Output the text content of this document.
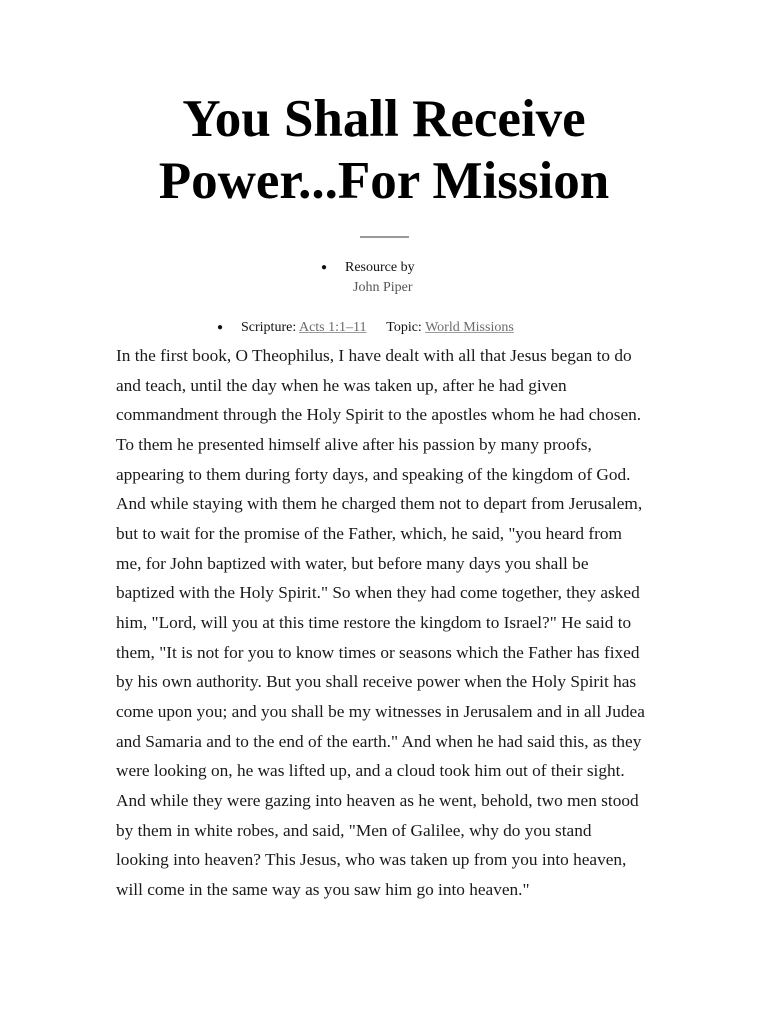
You Shall Receive
Power...For Mission
● Resource by
John Piper
● Scripture: Acts 1:1–11 Topic: World Missions

In the first book, O Theophilus, I have dealt with all that Jesus began to do
and teach, until the day when he was taken up, after he had given
commandment through the Holy Spirit to the apostles whom he had chosen.
To them he presented himself alive after his passion by many proofs,
appearing to them during forty days, and speaking of the kingdom of God.
And while staying with them he charged them not to depart from Jerusalem,
but to wait for the promise of the Father, which, he said, "you heard from
me, for John baptized with water, but before many days you shall be
baptized with the Holy Spirit." So when they had come together, they asked
him, "Lord, will you at this time restore the kingdom to Israel?" He said to
them, "It is not for you to know times or seasons which the Father has fixed
by his own authority. But you shall receive power when the Holy Spirit has
come upon you; and you shall be my witnesses in Jerusalem and in all Judea
and Samaria and to the end of the earth." And when he had said this, as they
were looking on, he was lifted up, and a cloud took him out of their sight.
And while they were gazing into heaven as he went, behold, two men stood
by them in white robes, and said, "Men of Galilee, why do you stand
looking into heaven? This Jesus, who was taken up from you into heaven,
will come in the same way as you saw him go into heaven."
